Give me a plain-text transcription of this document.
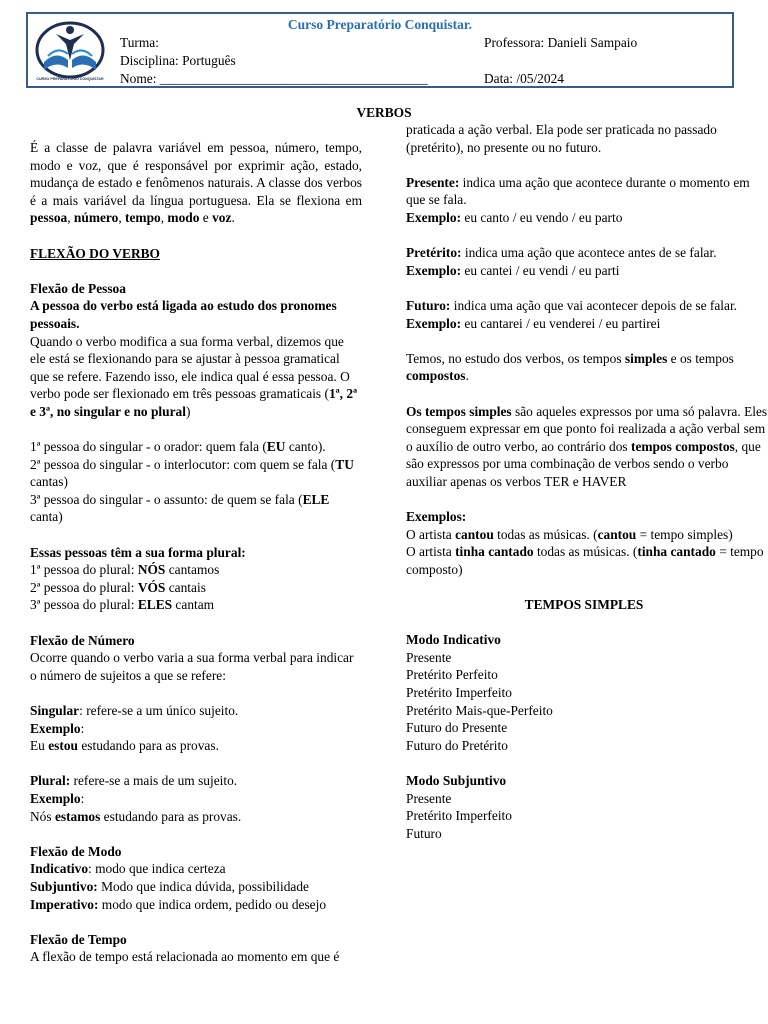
CURSO PREPARATÓRIO CONQUISTAR
Curso Preparatório Conquistar.
Turma:	Professora: Danieli Sampaio
Disciplina: Português
Nome: ________________________________________	Data: /05/2024
VERBOS

É a classe de palavra variável em pessoa, número, tempo, modo e voz, que é responsável por exprimir ação, estado, mudança de estado e fenômenos naturais. A classe dos verbos é a mais variável da língua portuguesa. Ela se flexiona em pessoa, número, tempo, modo e voz.

FLEXÃO DO VERBO

Flexão de Pessoa

A pessoa do verbo está ligada ao estudo dos pronomes pessoais.

Quando o verbo modifica a sua forma verbal, dizemos que ele está se flexionando para se ajustar à pessoa gramatical que se refere. Fazendo isso, ele indica qual é essa pessoa. O verbo pode ser flexionado em três pessoas gramaticais (1ª, 2ª e 3ª, no singular e no plural)

1ª pessoa do singular - o orador: quem fala (EU canto).

2ª pessoa do singular - o interlocutor: com quem se fala (TU cantas)

3ª pessoa do singular - o assunto: de quem se fala (ELE canta)

Essas pessoas têm a sua forma plural:

1ª pessoa do plural: NÓS cantamos

2ª pessoa do plural: VÓS cantais

3ª pessoa do plural: ELES cantam

Flexão de Número

Ocorre quando o verbo varia a sua forma verbal para indicar o número de sujeitos a que se refere:

Singular: refere-se a um único sujeito.

Exemplo:

Eu estou estudando para as provas.

Plural: refere-se a mais de um sujeito.

Exemplo:

Nós estamos estudando para as provas.

Flexão de Modo

Indicativo: modo que indica certeza

Subjuntivo: Modo que indica dúvida, possibilidade

Imperativo: modo que indica ordem, pedido ou desejo

Flexão de Tempo

A flexão de tempo está relacionada ao momento em que é

praticada a ação verbal. Ela pode ser praticada no passado (pretérito), no presente ou no futuro.

Presente: indica uma ação que acontece durante o momento em que se fala.

Exemplo: eu canto / eu vendo / eu parto

Pretérito: indica uma ação que acontece antes de se falar.

Exemplo: eu cantei / eu vendi / eu parti

Futuro: indica uma ação que vai acontecer depois de se falar.

Exemplo: eu cantarei / eu venderei / eu partirei

Temos, no estudo dos verbos, os tempos simples e os tempos compostos.

Os tempos simples são aqueles expressos por uma só palavra. Eles conseguem expressar em que ponto foi realizada a ação verbal sem o auxílio de outro verbo, ao contrário dos tempos compostos, que são expressos por uma combinação de verbos sendo o verbo auxiliar apenas os verbos TER e HAVER

Exemplos:

O artista cantou todas as músicas. (cantou = tempo simples)

O artista tinha cantado todas as músicas. (tinha cantado = tempo

composto)

TEMPOS SIMPLES

Modo Indicativo

Presente

Pretérito Perfeito

Pretérito Imperfeito

Pretérito Mais-que-Perfeito

Futuro do Presente

Futuro do Pretérito

Modo Subjuntivo

Presente

Pretérito Imperfeito

Futuro
